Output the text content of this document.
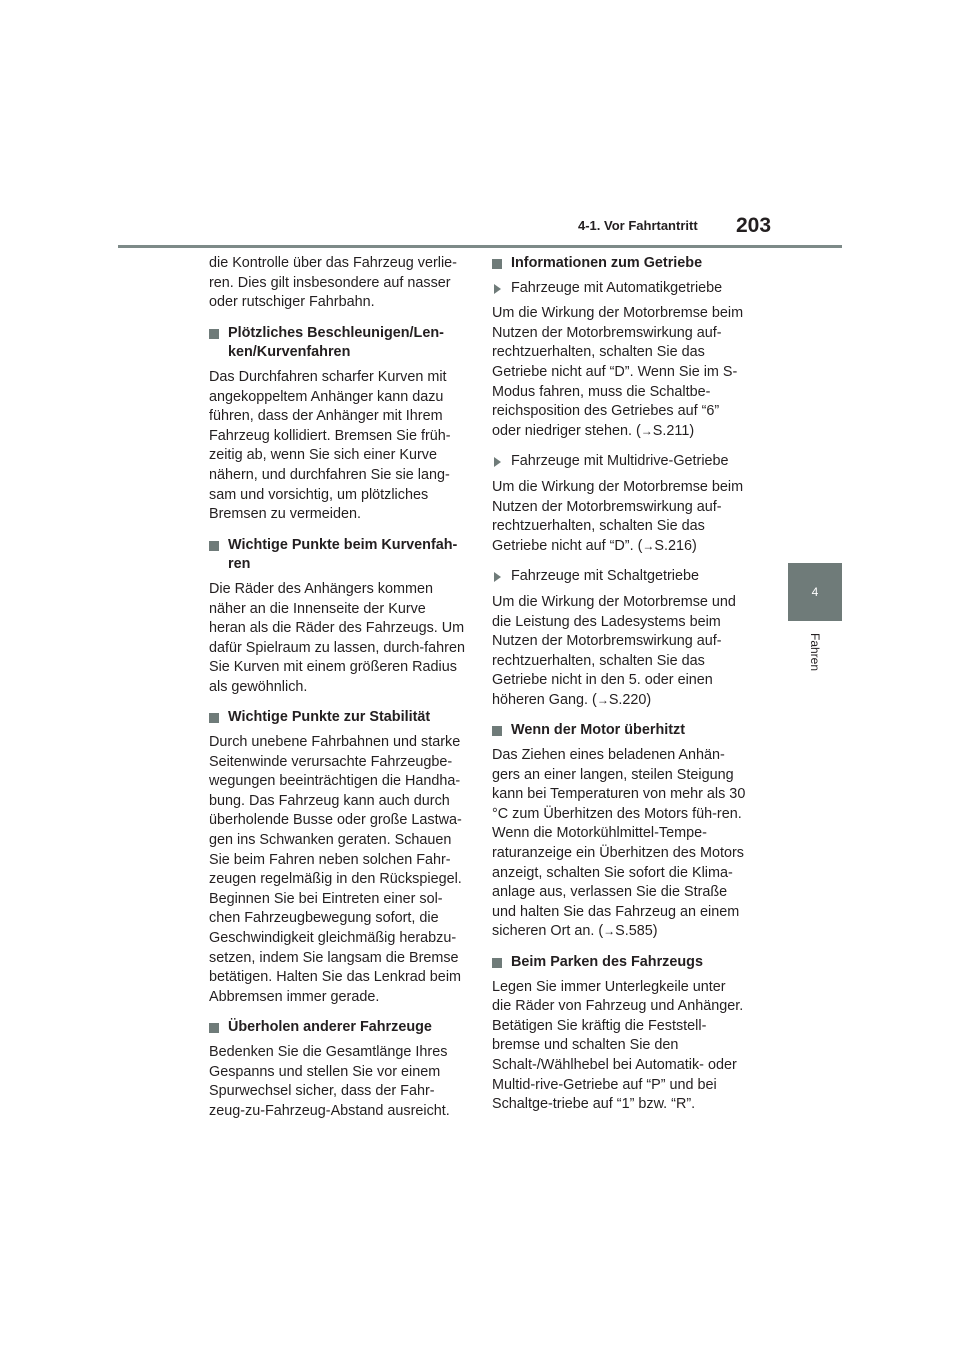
4-1. Vor Fahrtantritt 203
4
Fahren

die Kontrolle über das Fahrzeug verlie-ren. Dies gilt insbesondere auf nasser oder rutschiger Fahrbahn.

Plötzliches Beschleunigen/Len-ken/Kurvenfahren

Das Durchfahren scharfer Kurven mit angekoppeltem Anhänger kann dazu führen, dass der Anhänger mit Ihrem Fahrzeug kollidiert. Bremsen Sie früh-zeitig ab, wenn Sie sich einer Kurve nähern, und durchfahren Sie sie lang-sam und vorsichtig, um plötzliches Bremsen zu vermeiden.

Wichtige Punkte beim Kurvenfah-ren

Die Räder des Anhängers kommen näher an die Innenseite der Kurve heran als die Räder des Fahrzeugs. Um dafür Spielraum zu lassen, durch-fahren Sie Kurven mit einem größeren Radius als gewöhnlich.

Wichtige Punkte zur Stabilität

Durch unebene Fahrbahnen und starke Seitenwinde verursachte Fahrzeugbe-wegungen beeinträchtigen die Handha-bung. Das Fahrzeug kann auch durch überholende Busse oder große Lastwa-gen ins Schwanken geraten. Schauen Sie beim Fahren neben solchen Fahr-zeugen regelmäßig in den Rückspiegel. Beginnen Sie bei Eintreten einer sol-chen Fahrzeugbewegung sofort, die Geschwindigkeit gleichmäßig herabzu-setzen, indem Sie langsam die Bremse betätigen. Halten Sie das Lenkrad beim Abbremsen immer gerade.

Überholen anderer Fahrzeuge

Bedenken Sie die Gesamtlänge Ihres Gespanns und stellen Sie vor einem Spurwechsel sicher, dass der Fahr-zeug-zu-Fahrzeug-Abstand ausreicht.

Informationen zum Getriebe
Fahrzeuge mit Automatikgetriebe

Um die Wirkung der Motorbremse beim Nutzen der Motorbremswirkung auf-rechtzuerhalten, schalten Sie das Getriebe nicht auf “D”. Wenn Sie im S-Modus fahren, muss die Schaltbe-reichsposition des Getriebes auf “6” oder niedriger stehen. (→S.211)

Fahrzeuge mit Multidrive-Getriebe

Um die Wirkung der Motorbremse beim Nutzen der Motorbremswirkung auf-rechtzuerhalten, schalten Sie das Getriebe nicht auf “D”. (→S.216)

Fahrzeuge mit Schaltgetriebe

Um die Wirkung der Motorbremse und die Leistung des Ladesystems beim Nutzen der Motorbremswirkung auf-rechtzuerhalten, schalten Sie das Getriebe nicht in den 5. oder einen höheren Gang. (→S.220)

Wenn der Motor überhitzt

Das Ziehen eines beladenen Anhän-gers an einer langen, steilen Steigung kann bei Temperaturen von mehr als 30 °C zum Überhitzen des Motors füh-ren. Wenn die Motorkühlmittel-Tempe-raturanzeige ein Überhitzen des Motors anzeigt, schalten Sie sofort die Klima-anlage aus, verlassen Sie die Straße und halten Sie das Fahrzeug an einem sicheren Ort an. (→S.585)

Beim Parken des Fahrzeugs

Legen Sie immer Unterlegkeile unter die Räder von Fahrzeug und Anhänger. Betätigen Sie kräftig die Feststell-bremse und schalten Sie den Schalt-/Wählhebel bei Automatik- oder Multid-rive-Getriebe auf “P” und bei Schaltge-triebe auf “1” bzw. “R”.
